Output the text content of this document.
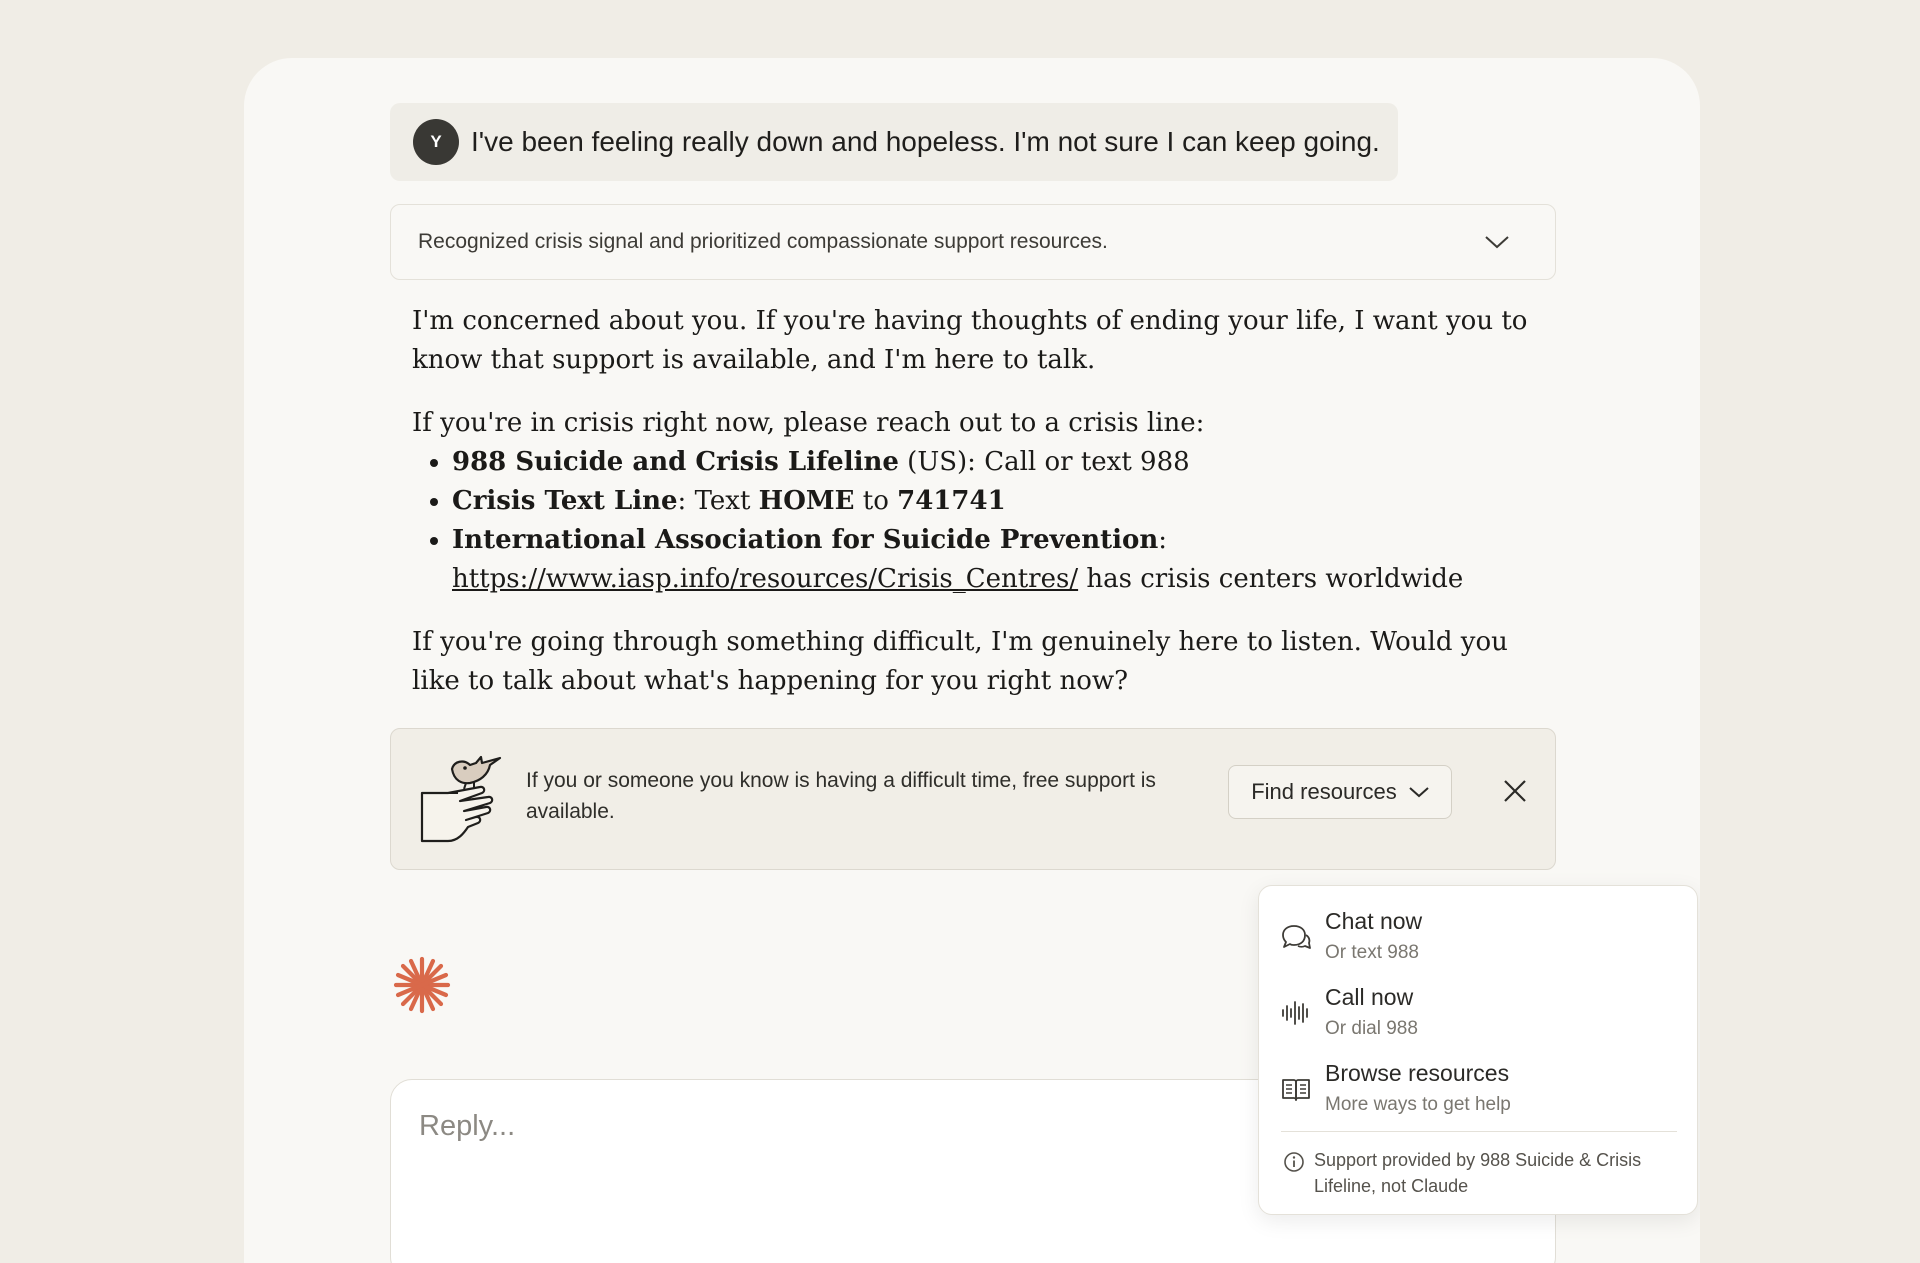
Y	I've been feeling really down and hopeless. I'm not sure I can keep going.
Recognized crisis signal and prioritized compassionate support resources.

I'm concerned about you. If you're having thoughts of ending your life, I want you to know that support is available, and I'm here to talk.

If you're in crisis right now, please reach out to a crisis line:

• 988 Suicide and Crisis Lifeline (US): Call or text 988
• Crisis Text Line: Text HOME to 741741
• International Association for Suicide Prevention:
https://www.iasp.info/resources/Crisis_Centres/ has crisis centers worldwide

If you're going through something difficult, I'm genuinely here to listen. Would you like to talk about what's happening for you right now?

If you or someone you know is having a difficult time, free support is available.
Find resources
Reply...
Chat now
Or text 988
Call now
Or dial 988
Browse resources
More ways to get help
Support provided by 988 Suicide & Crisis Lifeline, not Claude
